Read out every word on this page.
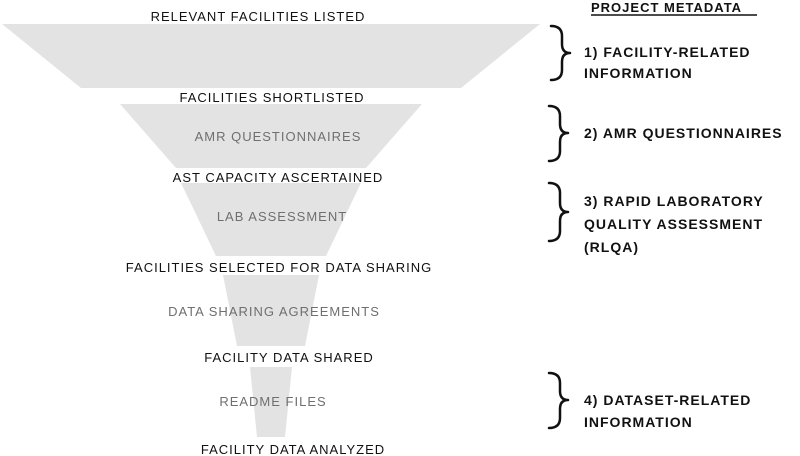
RELEVANT FACILITIES LISTED
FACILITIES SHORTLISTED
AST CAPACITY ASCERTAINED
FACILITIES SELECTED FOR DATA SHARING
FACILITY DATA SHARED
FACILITY DATA ANALYZED
AMR QUESTIONNAIRES
LAB ASSESSMENT
DATA SHARING AGREEMENTS
README FILES
PROJECT METADATA
1) FACILITY-RELATED
INFORMATION
2) AMR QUESTIONNAIRES
3) RAPID LABORATORY
QUALITY ASSESSMENT
(RLQA)
4) DATASET-RELATED
INFORMATION
